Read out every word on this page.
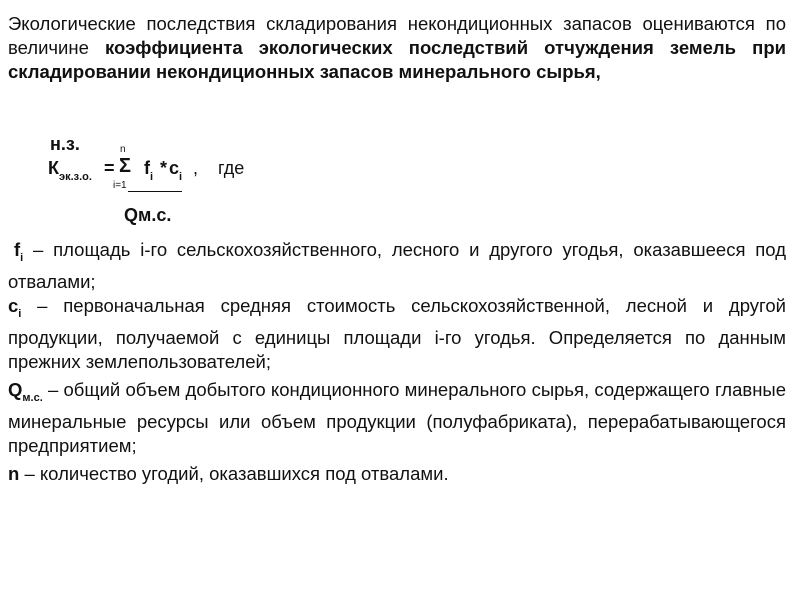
Экологические последствия складирования некондиционных запасов оцениваются по величине коэффициента экологических последствий отчуждения земель при складировании некондиционных запасов минерального сырья,

н.з.	n
$К_{эк.з.о.} = \Sigma$ $f_i * c_i$ , где
i=1
Qм.с.

$f_i$ – площадь i-го сельскохозяйственного, лесного и другого угодья, оказавшееся под отвалами;

$c_i$ – первоначальная средняя стоимость сельскохозяйственной, лесной и другой продукции, получаемой с единицы площади i-го угодья. Определяется по данным прежних землепользователей;

$Q_{м.с.}$ – общий объем добытого кондиционного минерального сырья, содержащего главные минеральные ресурсы или объем продукции (полуфабриката), перерабатывающегося предприятием;

n – количество угодий, оказавшихся под отвалами.
